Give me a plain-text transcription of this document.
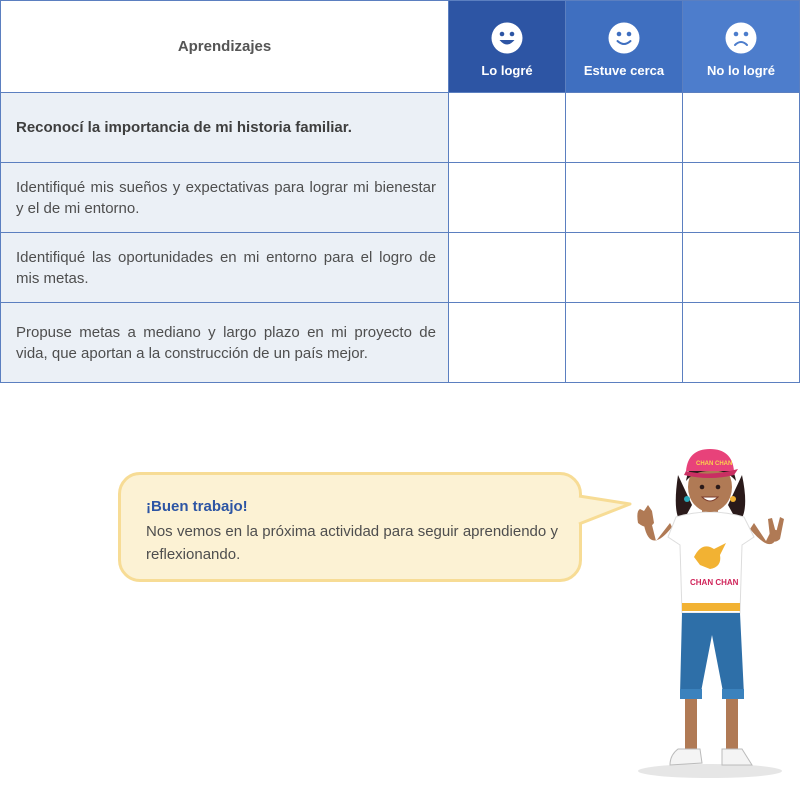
Aprendizajes	Lo logré	Estuve cerca	No lo logré

Reconocí la importancia de mi historia familiar.			
Identifiqué mis sueños y expectativas para lograr mi bienestar y el de mi entorno.			
Identifiqué las oportunidades en mi entorno para el logro de mis metas.			
Propuse metas a mediano y largo plazo en mi proyecto de vida, que aportan a la construcción de un país mejor.			
¡Buen trabajo!
Nos vemos en la próxima actividad para seguir aprendiendo y reflexionando.
CHAN CHAN
CHAN CHAN
